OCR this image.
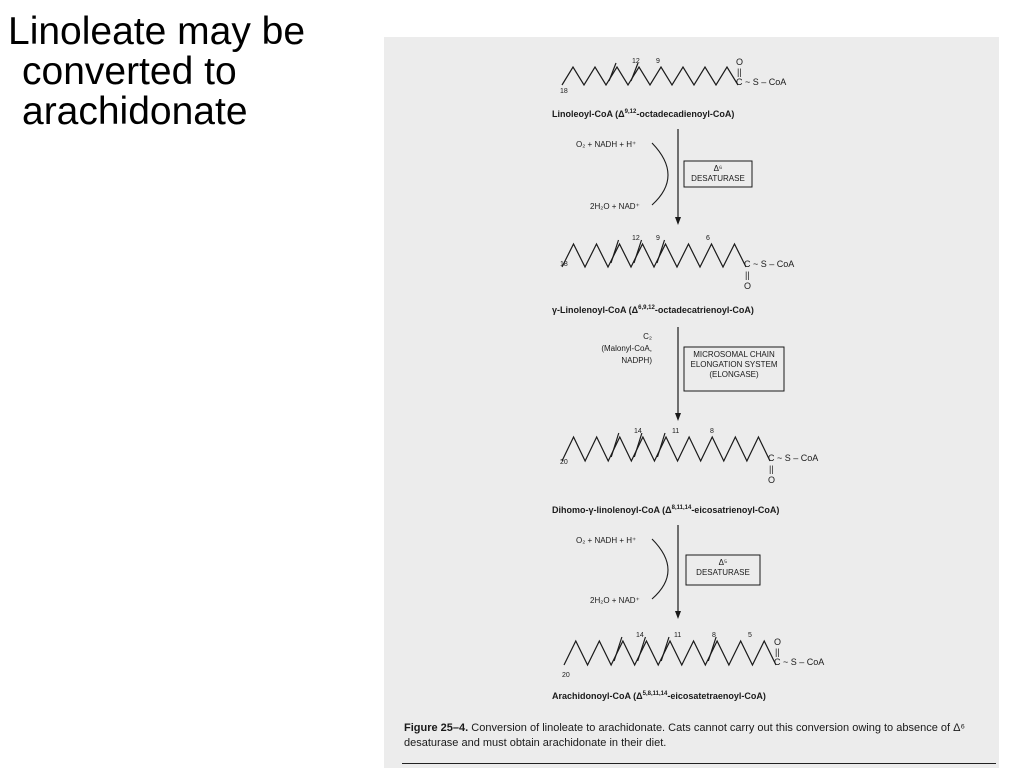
Linoleate may be
converted to
arachidonate
12 9
18
O
||
C ~ S – CoA
Linoleoyl-CoA $(\Delta^{9,12}-octadecadienoyl-CoA)$
12 9	6
18	C ~ S – CoA
||
O
γ-Linolenoyl-CoA $(\Delta^{6,9,12}-octadecatrienoyl-CoA)$
14	11	8
20	C ~ S – CoA
||
O
Dihomo-γ-linolenoyl-CoA $(\Delta^{8,11,14}-eicosatrienoyl-CoA)$
14	11	8	5
20
O
||
C ~ S – CoA
Arachidonoyl-CoA $(\Delta^{5,8,11,14}-eicosatetraenoyl-CoA)$
Δ⁶
DESATURASE
O₂ + NADH + H⁺
2H₂O + NAD⁺
MICROSOMAL CHAIN
ELONGATION SYSTEM
(ELONGASE)
C₂
(Malonyl-CoA,
NADPH)
Δ⁵
DESATURASE
O₂ + NADH + H⁺
2H₂O + NAD⁺
Figure 25–4. Conversion of linoleate to arachidonate. Cats cannot carry out this conversion owing to absence of Δ⁶ desaturase and must obtain arachidonate in their diet.
